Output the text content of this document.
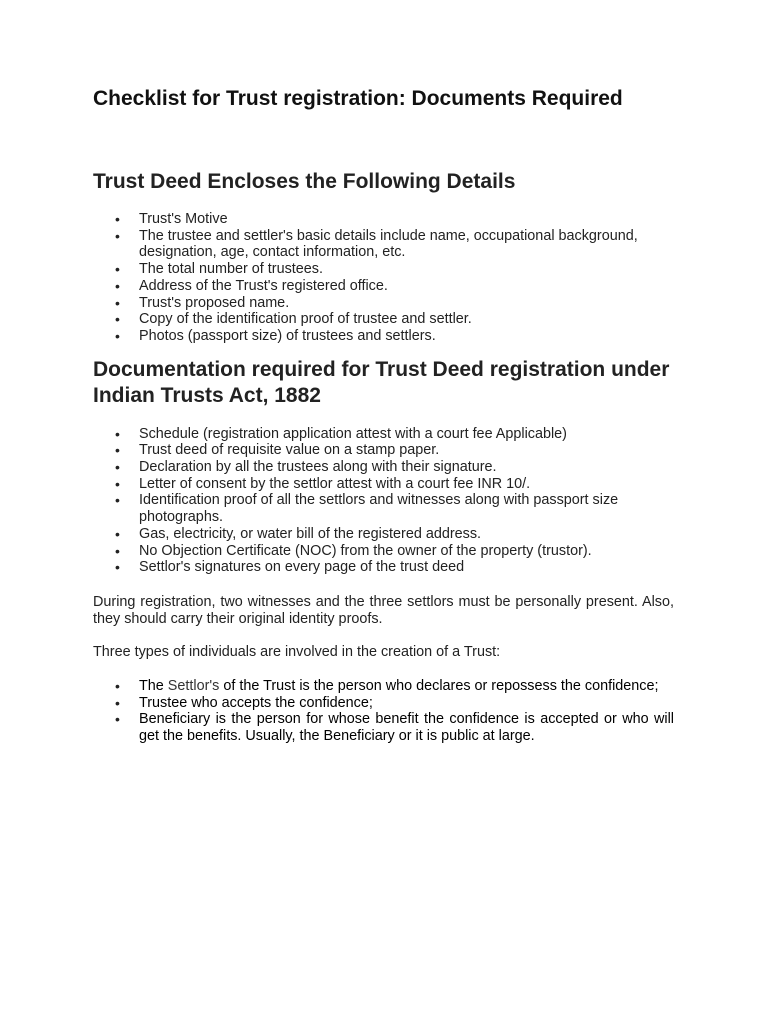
Checklist for Trust registration: Documents Required
Trust Deed Encloses the Following Details
• Trust's Motive
• The trustee and settler's basic details include name, occupational background, designation, age, contact information, etc.
• The total number of trustees.
• Address of the Trust's registered office.
• Trust's proposed name.
• Copy of the identification proof of trustee and settler.
• Photos (passport size) of trustees and settlers.
Documentation required for Trust Deed registration under Indian Trusts Act, 1882
• Schedule (registration application attest with a court fee Applicable)
• Trust deed of requisite value on a stamp paper.
• Declaration by all the trustees along with their signature.
• Letter of consent by the settlor attest with a court fee INR 10/.
• Identification proof of all the settlors and witnesses along with passport size photographs.
• Gas, electricity, or water bill of the registered address.
• No Objection Certificate (NOC) from the owner of the property (trustor).
• Settlor's signatures on every page of the trust deed

During registration, two witnesses and the three settlors must be personally present. Also, they should carry their original identity proofs.

Three types of individuals are involved in the creation of a Trust:

• The Settlor's of the Trust is the person who declares or repossess the confidence;
• Trustee who accepts the confidence;
• Beneficiary is the person for whose benefit the confidence is accepted or who will get the benefits. Usually, the Beneficiary or it is public at large.
